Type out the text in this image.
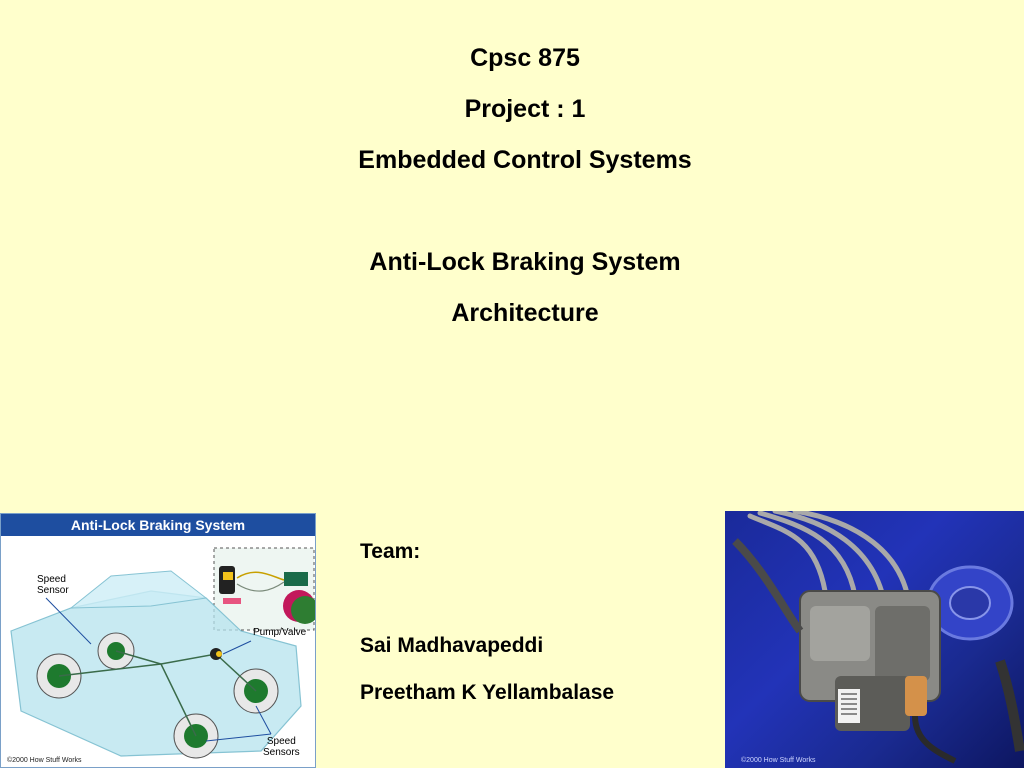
Cpsc 875
Project : 1
Embedded Control Systems
Anti-Lock Braking System
Architecture
Team:
Sai Madhavapeddi
Preetham K Yellambalase
Anti-Lock Braking System
Speed
Sensor
Pump/Valve
Speed
Sensors
©2000 How Stuff Works	©2000 How Stuff Works
